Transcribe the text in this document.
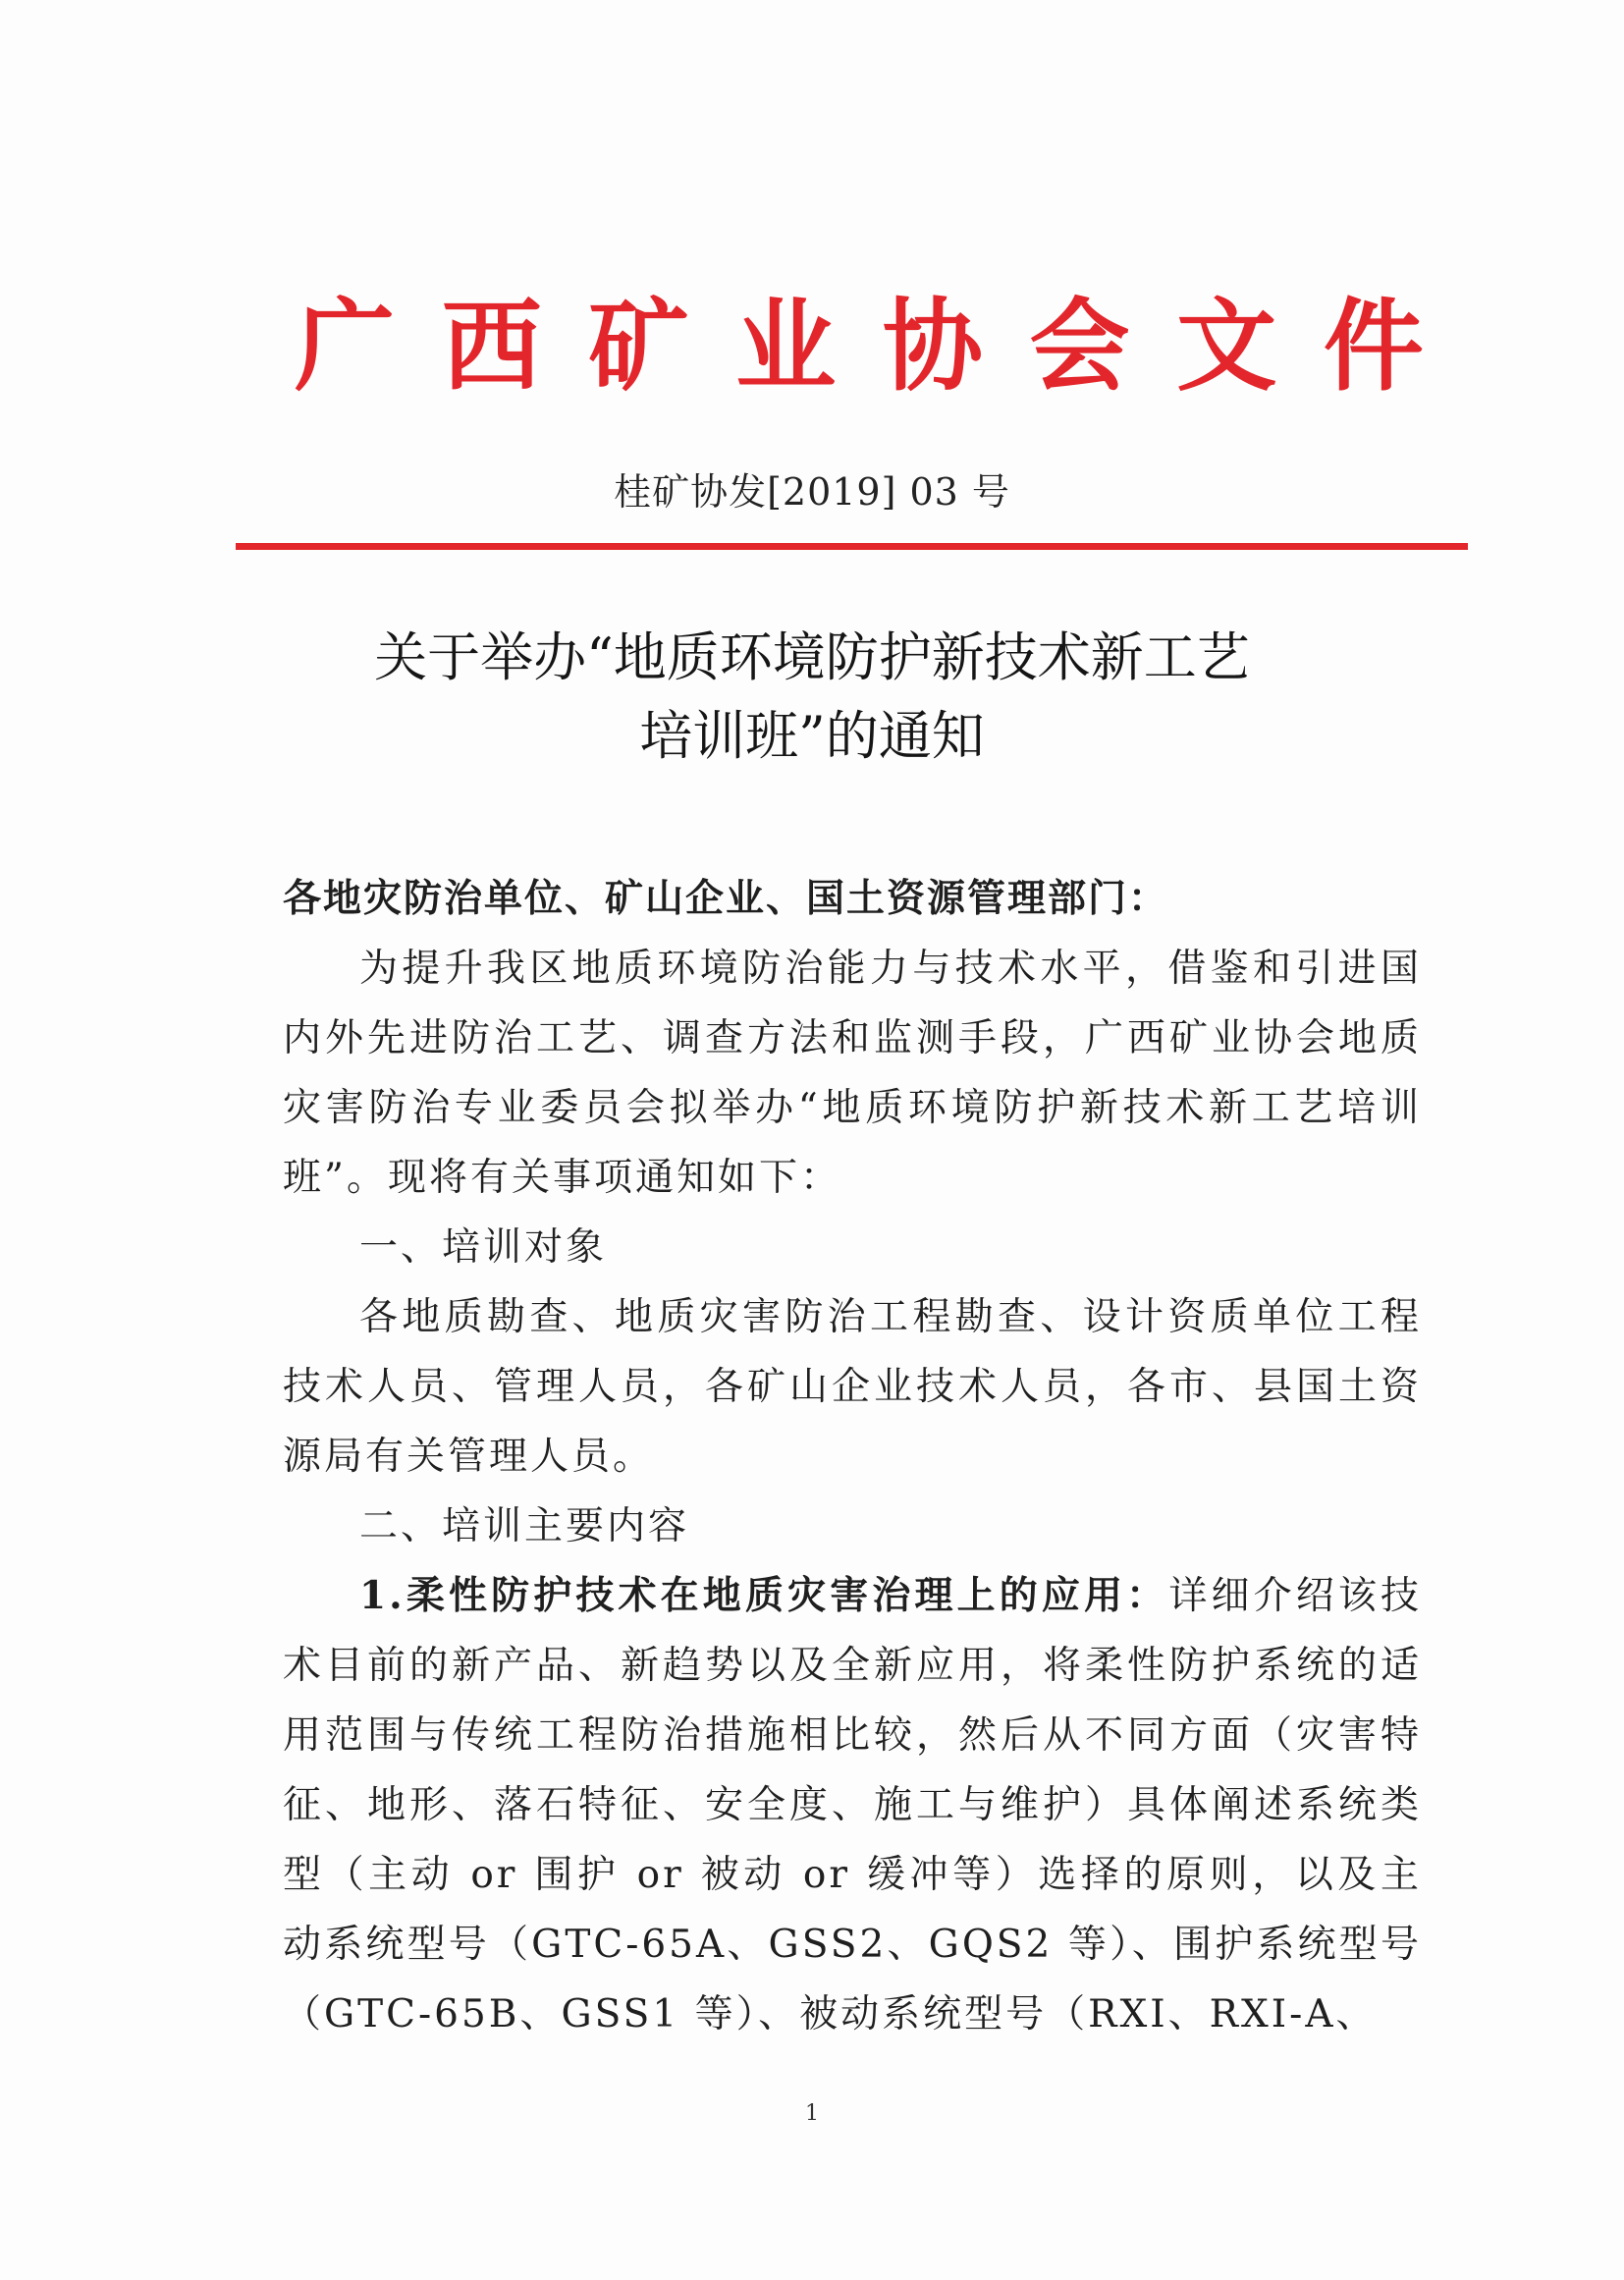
广 西 矿 业 协 会 文 件
桂矿协发[2019] 03 号
关于举办“地质环境防护新技术新工艺
培训班”的通知

各地灾防治单位、矿山企业、国土资源管理部门：

为提升我区地质环境防治能力与技术水平，借鉴和引进国内外先进防治工艺、调查方法和监测手段，广西矿业协会地质灾害防治专业委员会拟举办“地质环境防护新技术新工艺培训班”。现将有关事项通知如下：

一、培训对象

各地质勘查、地质灾害防治工程勘查、设计资质单位工程技术人员、管理人员，各矿山企业技术人员，各市、县国土资源局有关管理人员。

二、培训主要内容

1.柔性防护技术在地质灾害治理上的应用：详细介绍该技术目前的新产品、新趋势以及全新应用，将柔性防护系统的适用范围与传统工程防治措施相比较，然后从不同方面（灾害特征、地形、落石特征、安全度、施工与维护）具体阐述系统类型（主动 or 围护 or 被动 or 缓冲等）选择的原则，以及主动系统型号（GTC-65A、GSS2、GQS2 等）、围护系统型号（GTC-65B、GSS1 等）、被动系统型号（RXI、RXI-A、

1
